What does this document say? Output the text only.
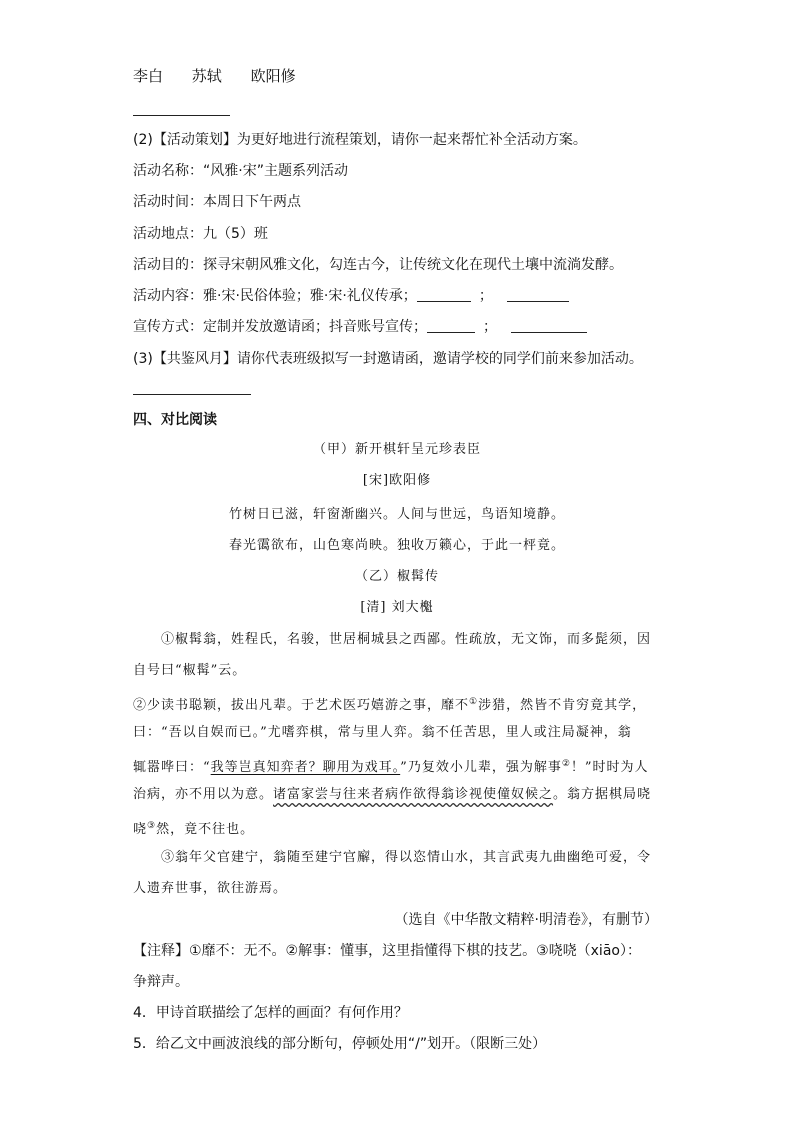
李白 苏轼 欧阳修
(2)【活动策划】为更好地进行流程策划，请你一起来帮忙补全活动方案。
活动名称：“风雅·宋”主题系列活动
活动时间：本周日下午两点
活动地点：九（5）班
活动目的：探寻宋朝风雅文化，勾连古今，让传统文化在现代土壤中流淌发酵。
活动内容：雅·宋·民俗体验；雅·宋·礼仪传承；	；
宣传方式：定制并发放邀请函；抖音账号宣传；	；
(3)【共鉴风月】请你代表班级拟写一封邀请函，邀请学校的同学们前来参加活动。
四、对比阅读
（甲）新开棋轩呈元珍表臣
[宋]欧阳修
竹树日已滋，轩窗渐幽兴。人间与世远，鸟语知境静。
春光霭欲布，山色寒尚映。独收万籁心，于此一枰竟。
（乙）椒髯传
[清] 刘大櫆
①椒髯翁，姓程氏，名骏，世居桐城县之西鄙。性疏放，无文饰，而多髭须，因
自号曰“椒髯”云。
②少读书聪颖，拔出凡辈。于艺术医巧嬉游之事，靡不①涉猎，然皆不肯穷竟其学，
曰：“吾以自娱而已。”尤嗜弈棋，常与里人弈。翁不任苦思，里人或注局凝神，翁
辄嚣哗曰：“我等岂真知弈者？聊用为戏耳。”乃复效小儿辈，强为解事②！”时时为人
治病，亦不用以为意。诸富家尝与往来者病作欲得翁诊视使僮奴候之。翁方据棋局哓
哓③然，竟不往也。
③翁年父官建宁，翁随至建宁官廨，得以恣情山水，其言武夷九曲幽绝可爱，令
人遗弃世事，欲往游焉。
（选自《中华散文精粹·明清卷》，有删节）
【注释】①靡不：无不。②解事：懂事，这里指懂得下棋的技艺。③哓哓（xiāo）：
争辩声。
4．甲诗首联描绘了怎样的画面？有何作用？
5．给乙文中画波浪线的部分断句，停顿处用“/”划开。（限断三处）
